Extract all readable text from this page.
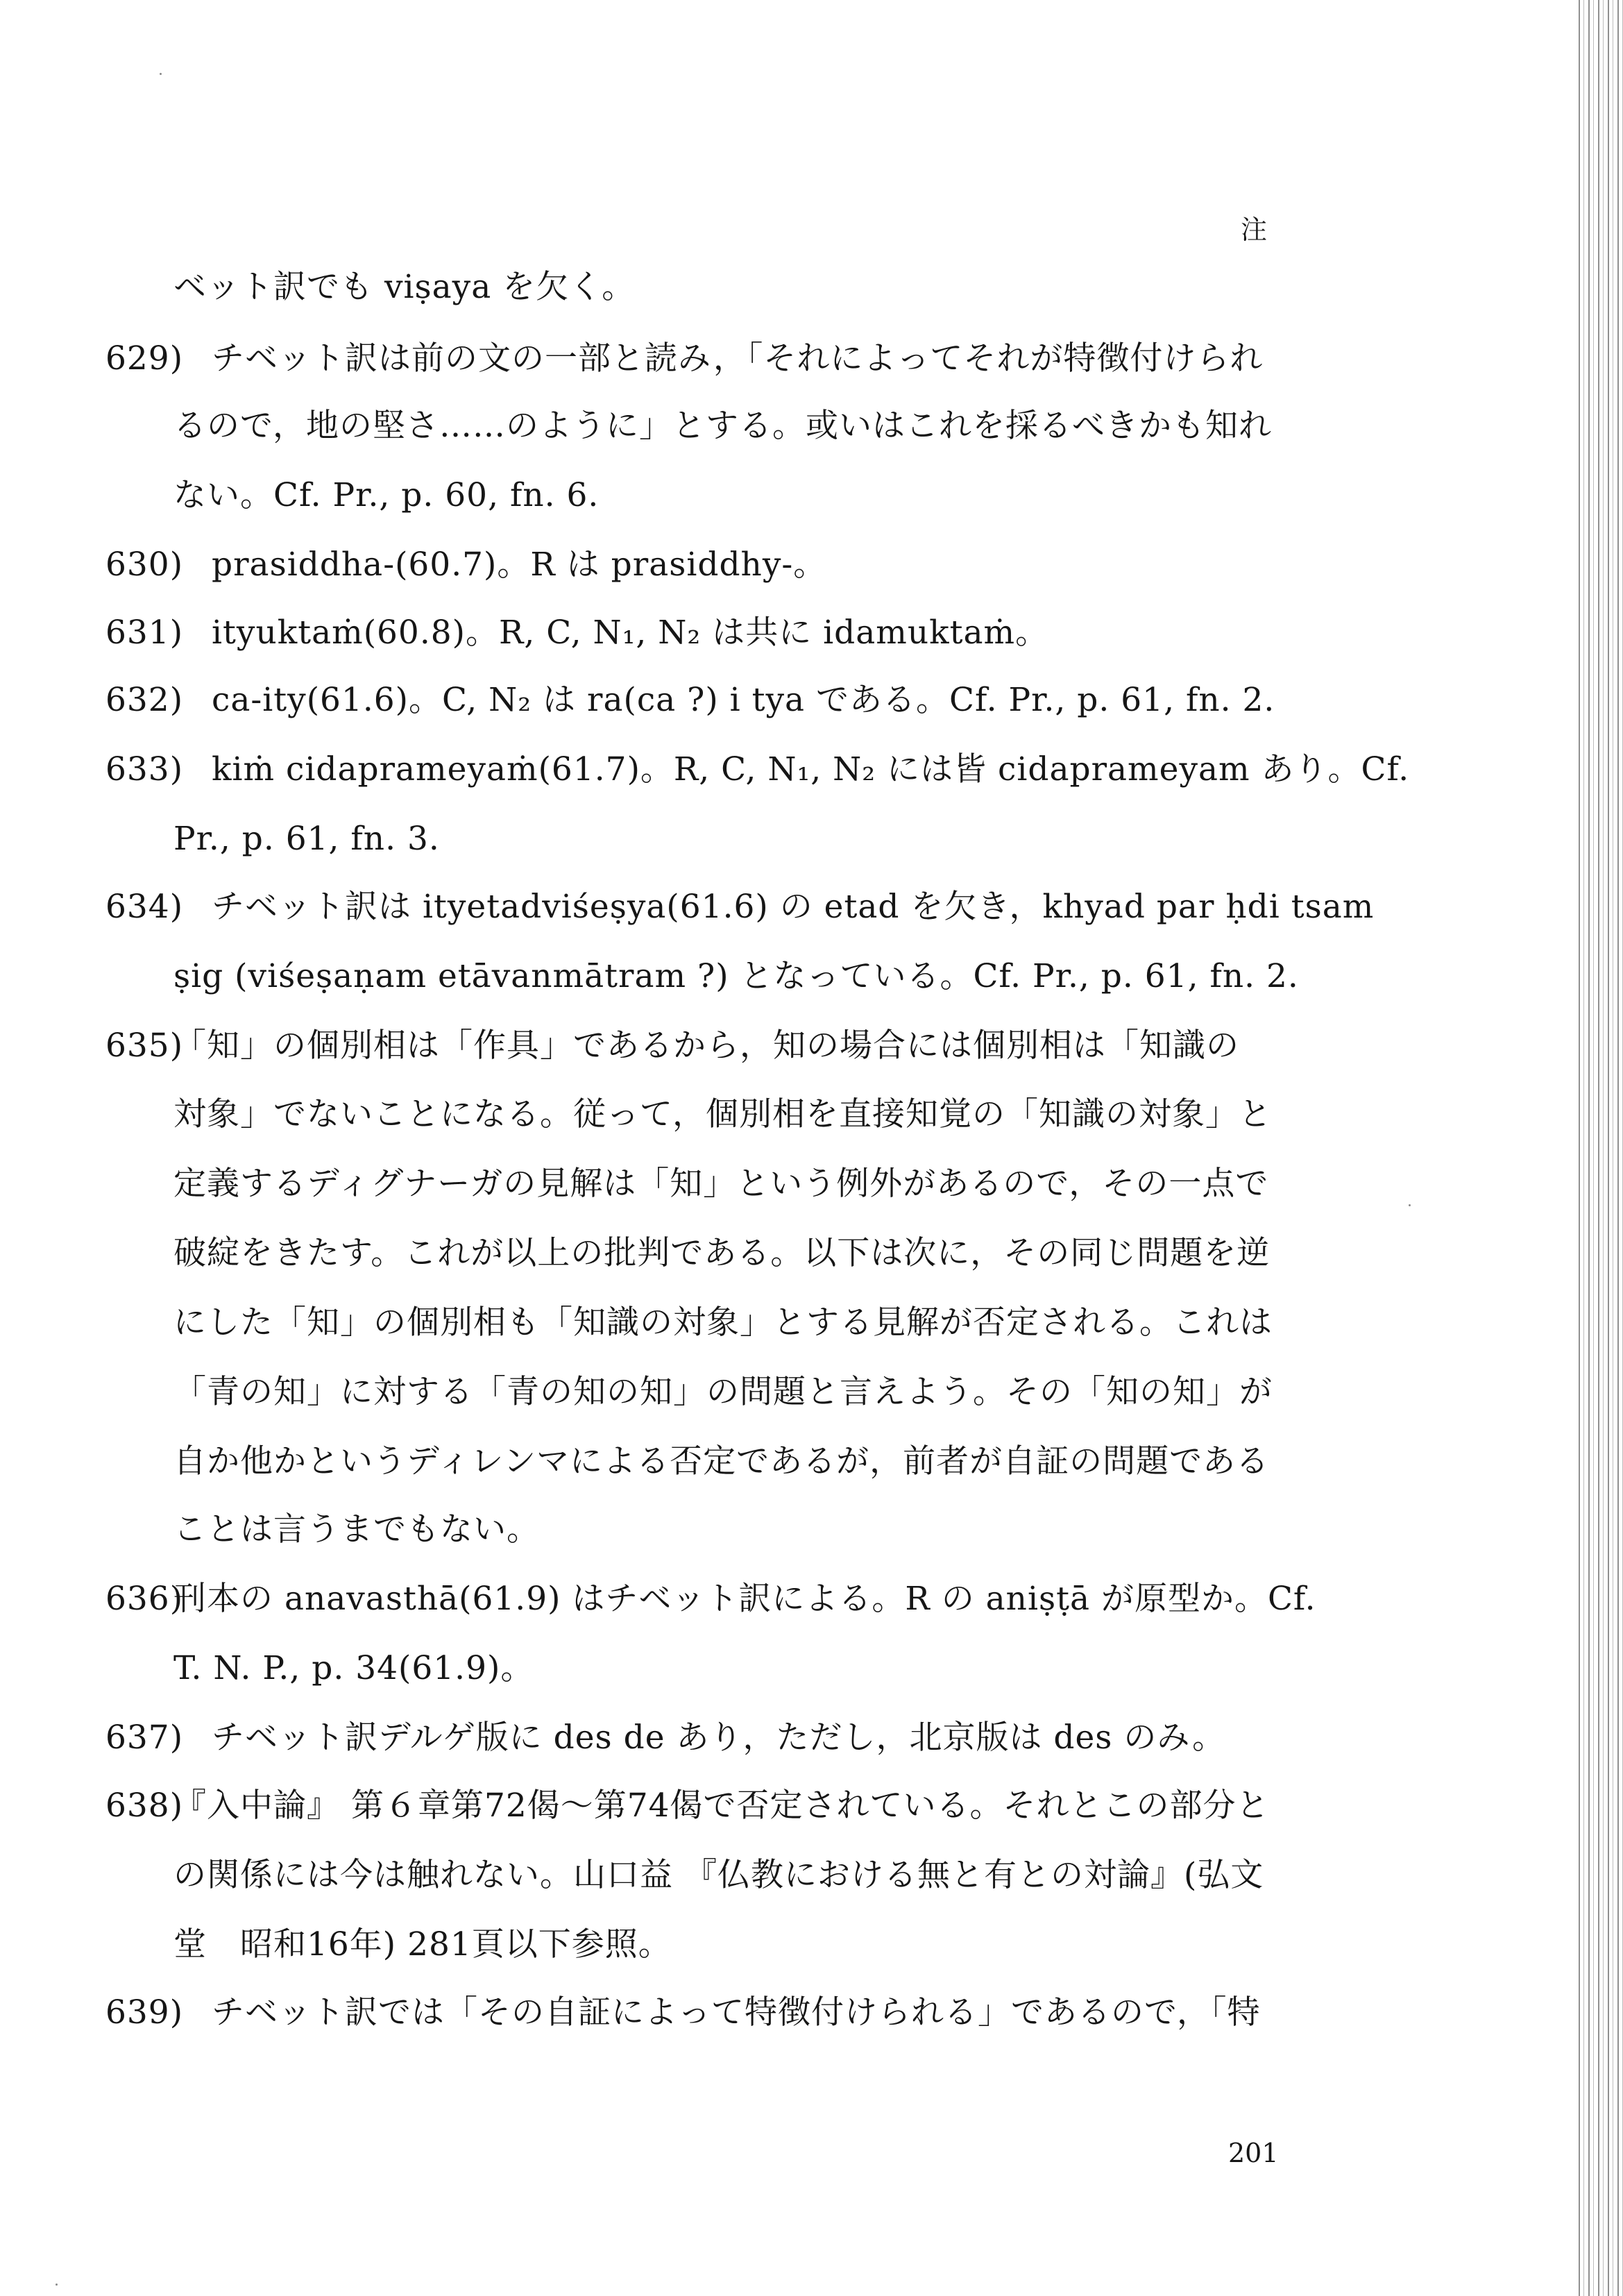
注
ベット訳でも viṣaya を欠く。
629) チベット訳は前の文の一部と読み，「それによってそれが特徴付けられ
るので，地の堅さ……のように」とする。或いはこれを採るべきかも知れ
ない。Cf. Pr., p. 60, fn. 6.
630) prasiddha-(60.7)。R は prasiddhy-。
631) ityuktaṁ(60.8)。R, C, N₁, N₂ は共に idamuktaṁ。
632) ca-ity(61.6)。C, N₂ は ra(ca ?) i tya である。Cf. Pr., p. 61, fn. 2.
633) kiṁ cidaprameyaṁ(61.7)。R, C, N₁, N₂ には皆 cidaprameyam あり。Cf.
Pr., p. 61, fn. 3.
634) チベット訳は ityetadviśeṣya(61.6) の etad を欠き，khyad par ḥdi tsam
ṣig (viśeṣaṇam etāvanmātram ?) となっている。Cf. Pr., p. 61, fn. 2.
635)
「知」の個別相は「作具」であるから，知の場合には個別相は「知識の
対象」でないことになる。従って，個別相を直接知覚の「知識の対象」と
定義するディグナーガの見解は「知」という例外があるので，その一点で
破綻をきたす。これが以上の批判である。以下は次に，その同じ問題を逆
にした「知」の個別相も「知識の対象」とする見解が否定される。これは
「青の知」に対する「青の知の知」の問題と言えよう。その「知の知」が
自か他かというディレンマによる否定であるが，前者が自証の問題である
ことは言うまでもない。
636)
刊本の anavasthā(61.9) はチベット訳による。R の aniṣṭā が原型か。Cf.
T. N. P., p. 34(61.9)。
637) チベット訳デルゲ版に des de あり，ただし，北京版は des のみ。
638)
『入中論』 第６章第72偈～第74偈で否定されている。それとこの部分と
の関係には今は触れない。山口益 『仏教における無と有との対論』(弘文
堂　昭和16年) 281頁以下参照。
639) チベット訳では「その自証によって特徴付けられる」であるので，「特
201
